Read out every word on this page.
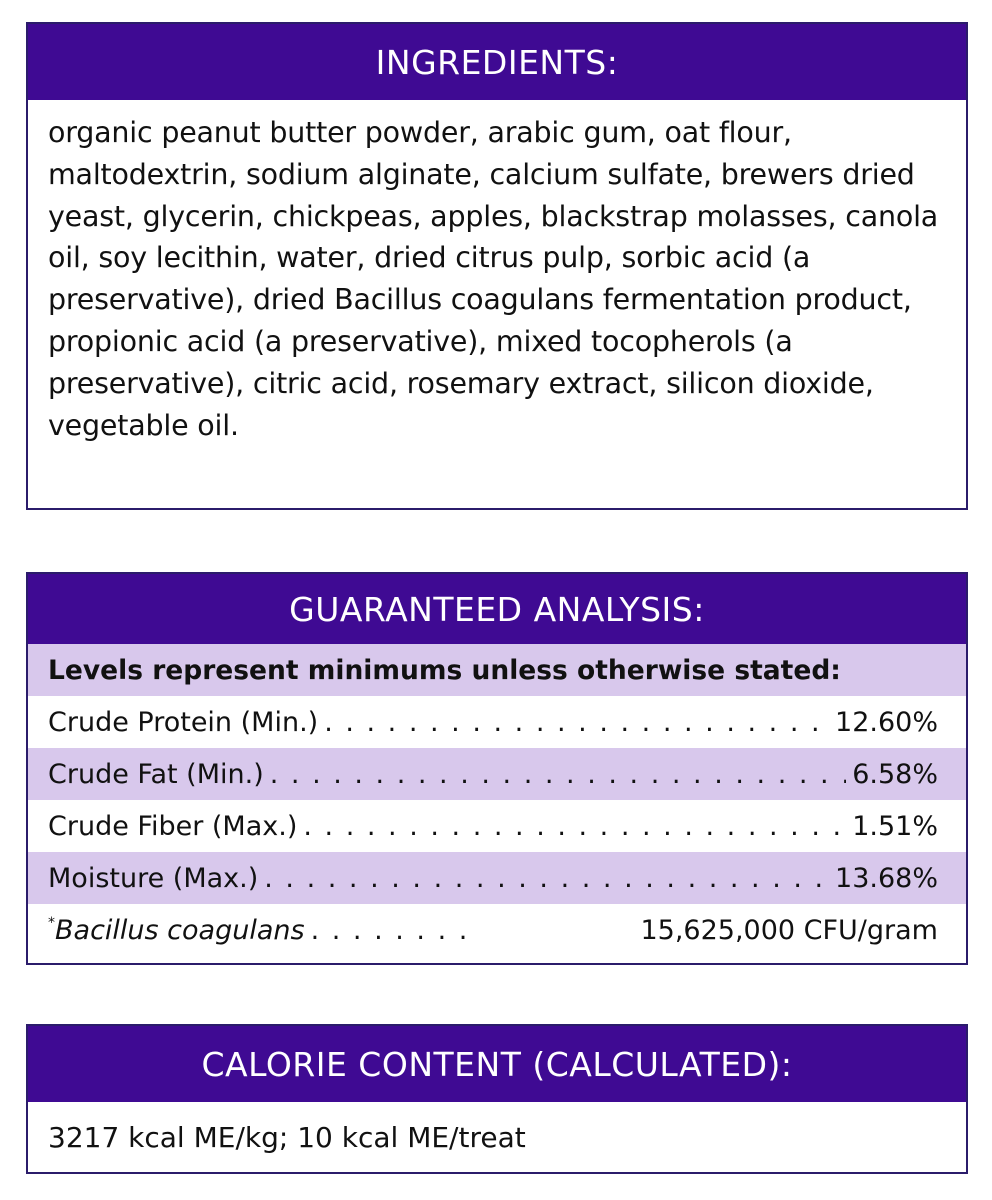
INGREDIENTS:
organic peanut butter powder, arabic gum, oat flour, maltodextrin, sodium alginate, calcium sulfate, brewers dried yeast, glycerin, chickpeas, apples, blackstrap molasses, canola oil, soy lecithin, water, dried citrus pulp, sorbic acid (a preservative), dried Bacillus coagulans fermentation product, propionic acid (a preservative), mixed tocopherols (a preservative), citric acid, rosemary extract, silicon dioxide, vegetable oil.
GUARANTEED ANALYSIS:
Levels represent minimums unless otherwise stated:
Crude Protein (Min.) . . .	12.60%
Crude Fat (Min.) . . .	6.58%
Crude Fiber (Max.) . . .	1.51%
Moisture (Max.) . . .	13.68%
*Bacillus coagulans . . .	15,625,000 CFU/gram
CALORIE CONTENT (CALCULATED):
3217 kcal ME/kg; 10 kcal ME/treat
